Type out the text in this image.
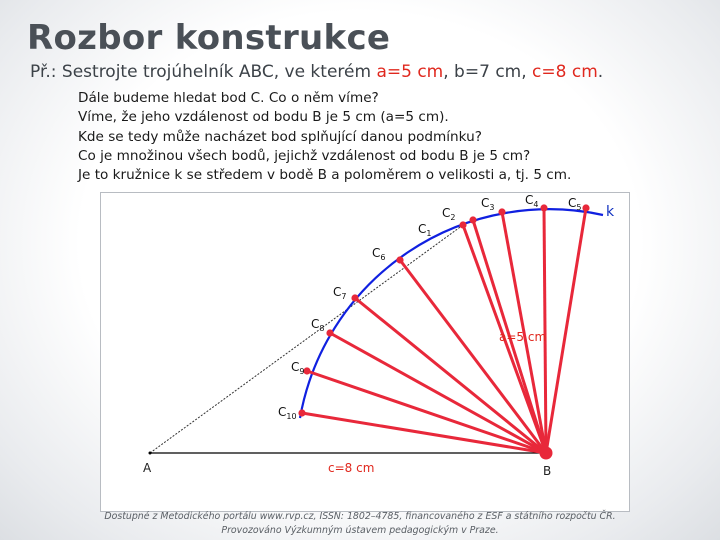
Rozbor konstrukce

Př.: Sestrojte trojúhelník ABC, ve kterém a=5 cm, b=7 cm, c=8 cm.

Dále budeme hledat bod C. Co o něm víme?
Víme, že jeho vzdálenost od bodu B je 5 cm (a=5 cm).
Kde se tedy může nacházet bod splňující danou podmínku?
Co je množinou všech bodů, jejichž vzdálenost od bodu B je 5 cm?
Je to kružnice k se středem v bodě B a poloměrem o velikosti a, tj. 5 cm.
$C_1$
$C_2$
$C_3$
$C_4$ $C_5$
$C_6$
$C_7$
$C_8$
$C_9$
$C_{10}$
A	B
c=8 cm
a=5 cm
k
Dostupné z Metodického portálu www.rvp.cz, ISSN: 1802–4785, financovaného z ESF a státního rozpočtu ČR.
Provozováno Výzkumným ústavem pedagogickým v Praze.
